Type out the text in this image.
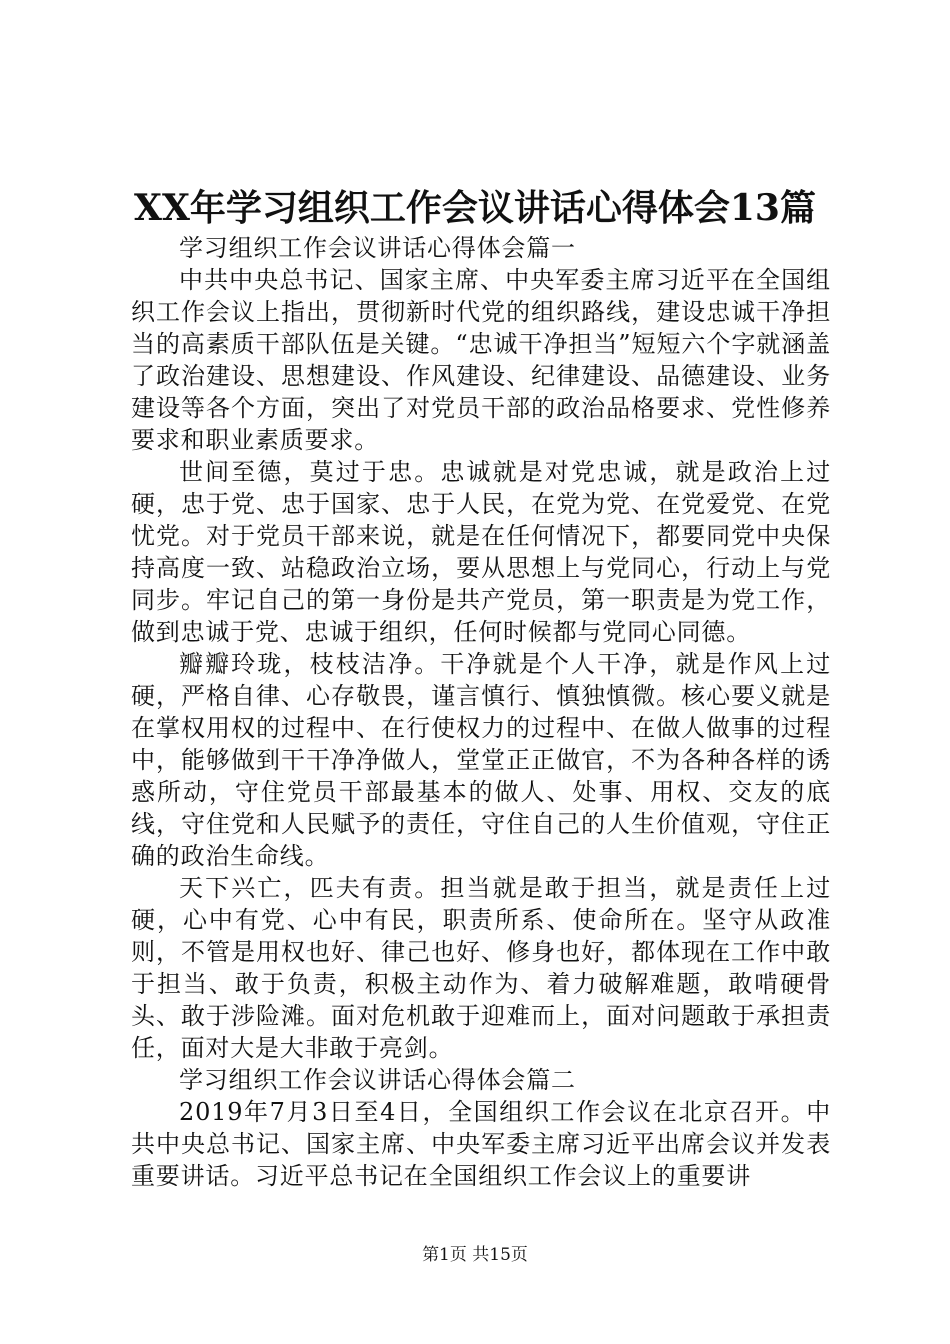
XX年学习组织工作会议讲话心得体会13篇

学习组织工作会议讲话心得体会篇一

中共中央总书记、国家主席、中央军委主席习近平在全国组织工作会议上指出，贯彻新时代党的组织路线，建设忠诚干净担当的高素质干部队伍是关键。“忠诚干净担当”短短六个字就涵盖了政治建设、思想建设、作风建设、纪律建设、品德建设、业务建设等各个方面，突出了对党员干部的政治品格要求、党性修养要求和职业素质要求。

世间至德，莫过于忠。忠诚就是对党忠诚，就是政治上过硬，忠于党、忠于国家、忠于人民，在党为党、在党爱党、在党忧党。对于党员干部来说，就是在任何情况下，都要同党中央保持高度一致、站稳政治立场，要从思想上与党同心，行动上与党同步。牢记自己的第一身份是共产党员，第一职责是为党工作，做到忠诚于党、忠诚于组织，任何时候都与党同心同德。

瓣瓣玲珑，枝枝洁净。干净就是个人干净，就是作风上过硬，严格自律、心存敬畏，谨言慎行、慎独慎微。核心要义就是在掌权用权的过程中、在行使权力的过程中、在做人做事的过程中，能够做到干干净净做人，堂堂正正做官，不为各种各样的诱惑所动，守住党员干部最基本的做人、处事、用权、交友的底线，守住党和人民赋予的责任，守住自己的人生价值观，守住正确的政治生命线。

天下兴亡，匹夫有责。担当就是敢于担当，就是责任上过硬，心中有党、心中有民，职责所系、使命所在。坚守从政准则，不管是用权也好、律己也好、修身也好，都体现在工作中敢于担当、敢于负责，积极主动作为、着力破解难题，敢啃硬骨头、敢于涉险滩。面对危机敢于迎难而上，面对问题敢于承担责任，面对大是大非敢于亮剑。

学习组织工作会议讲话心得体会篇二

2019年7月3日至4日，全国组织工作会议在北京召开。中共中央总书记、国家主席、中央军委主席习近平出席会议并发表重要讲话。习近平总书记在全国组织工作会议上的重要讲

第1页 共15页
